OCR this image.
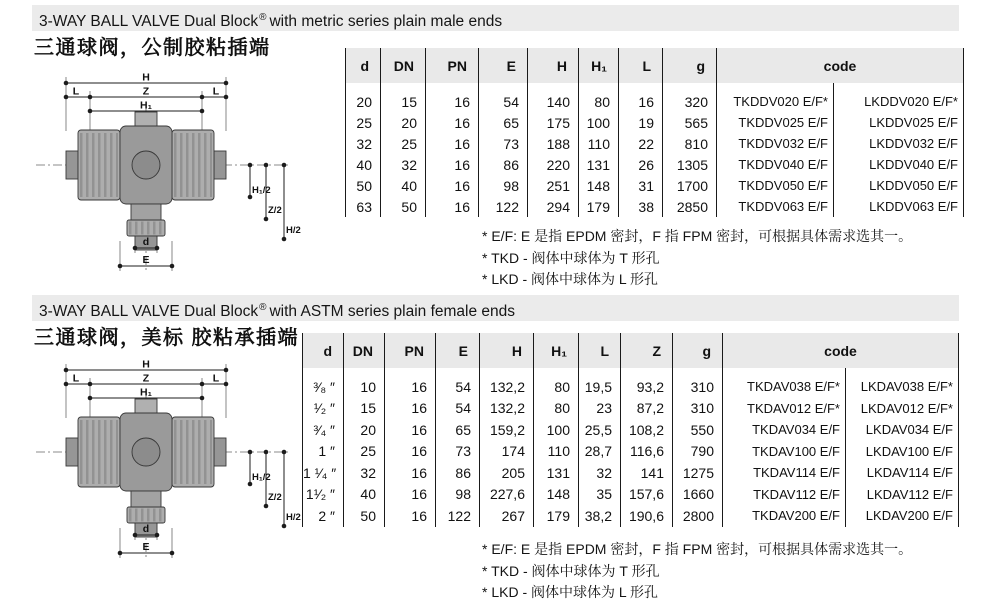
3-WAY BALL VALVE Dual Block® with metric series plain male ends
三通球阀，公制胶粘插端
H
L	Z	L
H₁
H₁/2
Z/2
H/2
d
E
d	DN	PN	E	H	H₁	L	g	code	

20	15	16	54	140	80	16	320	TKDDV020 E/F*	LKDDV020 E/F*
25	20	16	65	175	100	19	565	TKDDV025 E/F	LKDDV025 E/F
32	25	16	73	188	110	22	810	TKDDV032 E/F	LKDDV032 E/F
40	32	16	86	220	131	26	1305	TKDDV040 E/F	LKDDV040 E/F
50	40	16	98	251	148	31	1700	TKDDV050 E/F	LKDDV050 E/F
63	50	16	122	294	179	38	2850	TKDDV063 E/F	LKDDV063 E/F
* E/F: E 是指 EPDM 密封，F 指 FPM 密封，可根据具体需求选其一。
* TKD - 阀体中球体为 T 形孔
* LKD - 阀体中球体为 L 形孔
3-WAY BALL VALVE Dual Block® with ASTM series plain female ends
三通球阀，美标 胶粘承插端
H
L	Z	L
H₁
H₁/2
Z/2
H/2
d
E
d	DN	PN	E	H	H₁	L	Z	g	code	

³⁄₈ ″	10	16	54	132,2	80	19,5	93,2	310	TKDAV038 E/F*	LKDAV038 E/F*
¹⁄₂ ″	15	16	54	132,2	80	23	87,2	310	TKDAV012 E/F*	LKDAV012 E/F*
³⁄₄ ″	20	16	65	159,2	100	25,5	108,2	550	TKDAV034 E/F	LKDAV034 E/F
1 ″	25	16	73	174	110	28,7	116,6	790	TKDAV100 E/F	LKDAV100 E/F
1 ¹⁄₄ ″	32	16	86	205	131	32	141	1275	TKDAV114 E/F	LKDAV114 E/F
1¹⁄₂ ″	40	16	98	227,6	148	35	157,6	1660	TKDAV112 E/F	LKDAV112 E/F
2 ″	50	16	122	267	179	38,2	190,6	2800	TKDAV200 E/F	LKDAV200 E/F
* E/F: E 是指 EPDM 密封，F 指 FPM 密封，可根据具体需求选其一。
* TKD - 阀体中球体为 T 形孔
* LKD - 阀体中球体为 L 形孔
